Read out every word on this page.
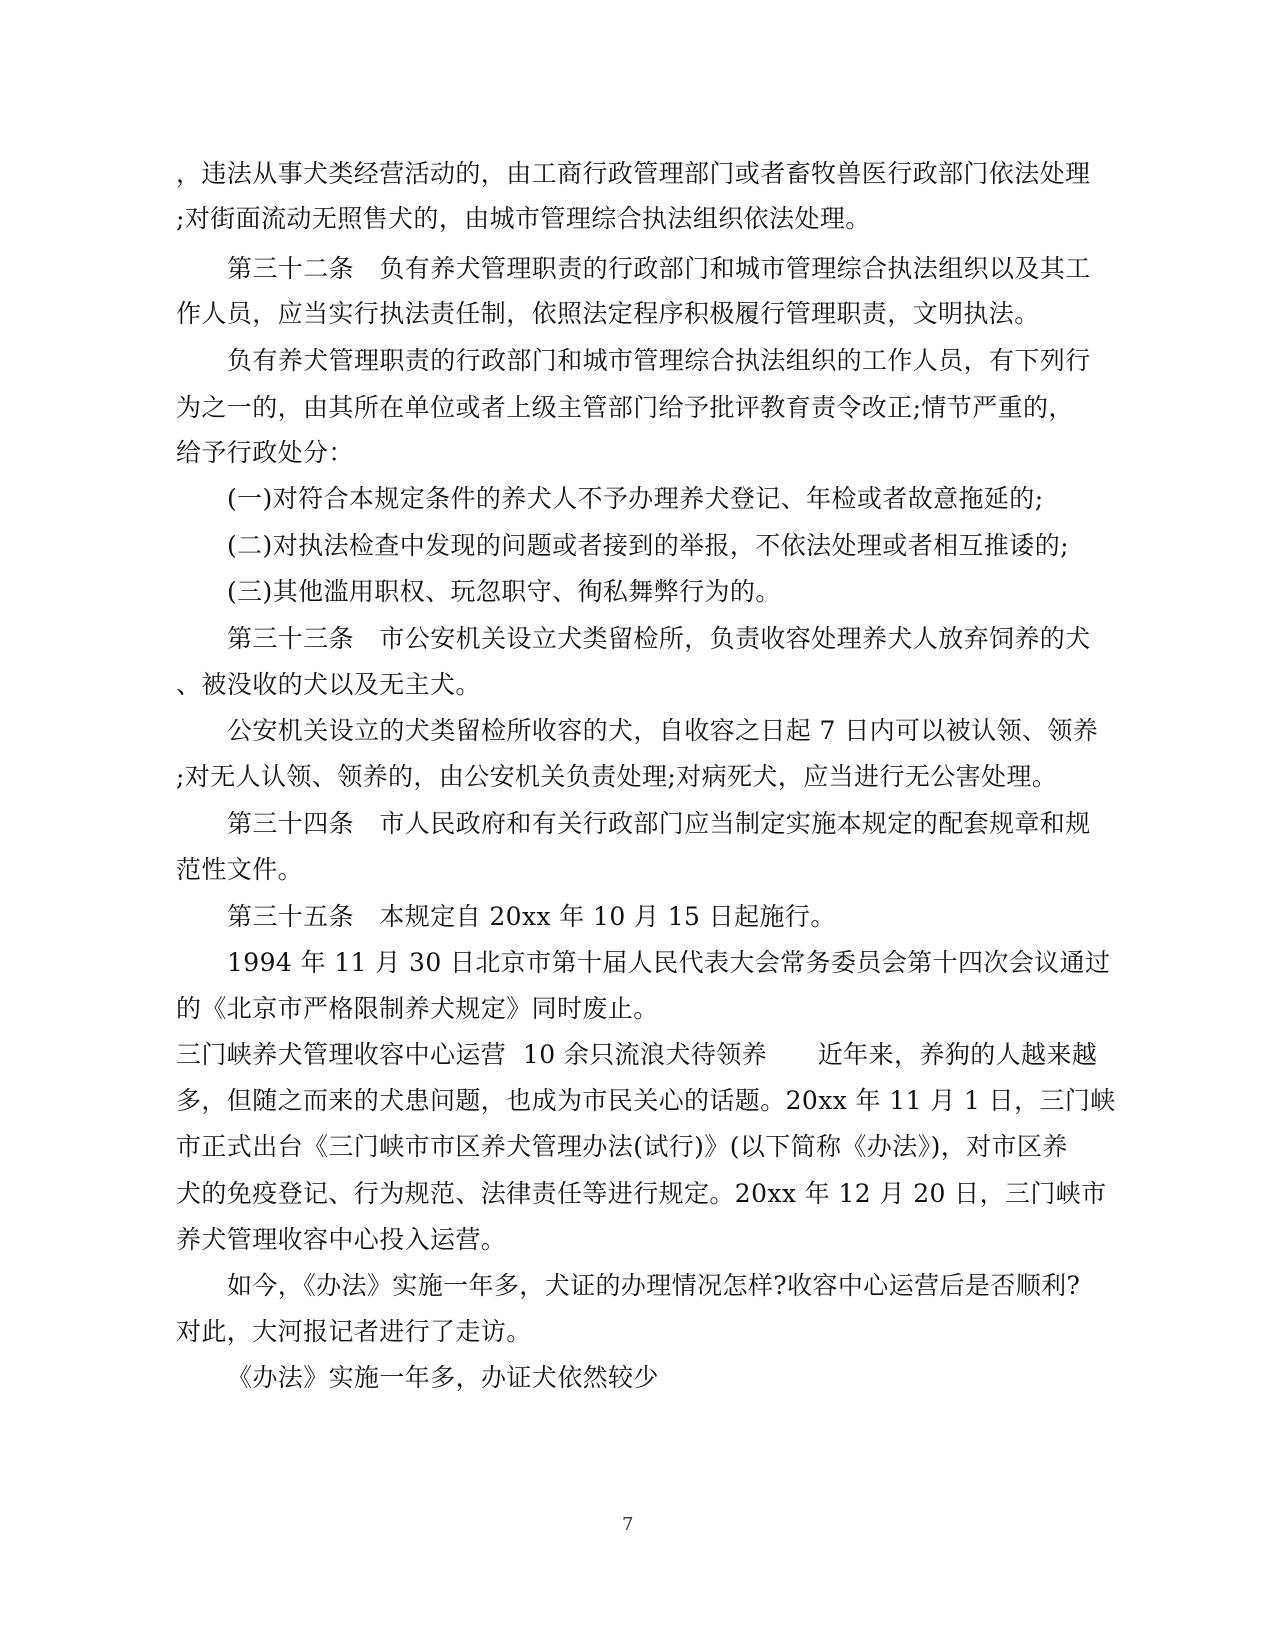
，违法从事犬类经营活动的，由工商行政管理部门或者畜牧兽医行政部门依法处理
;对街面流动无照售犬的，由城市管理综合执法组织依法处理。
第三十二条　负有养犬管理职责的行政部门和城市管理综合执法组织以及其工
作人员，应当实行执法责任制，依照法定程序积极履行管理职责，文明执法。
负有养犬管理职责的行政部门和城市管理综合执法组织的工作人员，有下列行
为之一的，由其所在单位或者上级主管部门给予批评教育责令改正;情节严重的，
给予行政处分：
(一)对符合本规定条件的养犬人不予办理养犬登记、年检或者故意拖延的;
(二)对执法检查中发现的问题或者接到的举报，不依法处理或者相互推诿的;
(三)其他滥用职权、玩忽职守、徇私舞弊行为的。
第三十三条　市公安机关设立犬类留检所，负责收容处理养犬人放弃饲养的犬
、被没收的犬以及无主犬。
公安机关设立的犬类留检所收容的犬，自收容之日起 7 日内可以被认领、领养
;对无人认领、领养的，由公安机关负责处理;对病死犬，应当进行无公害处理。
第三十四条　市人民政府和有关行政部门应当制定实施本规定的配套规章和规
范性文件。
第三十五条　本规定自 20xx 年 10 月 15 日起施行。
1994 年 11 月 30 日北京市第十届人民代表大会常务委员会第十四次会议通过
的《北京市严格限制养犬规定》同时废止。
三门峡养犬管理收容中心运营  10 余只流浪犬待领养　　近年来，养狗的人越来越
多，但随之而来的犬患问题，也成为市民关心的话题。20xx 年 11 月 1 日，三门峡
市正式出台《三门峡市市区养犬管理办法(试行)》(以下简称《办法》)，对市区养
犬的免疫登记、行为规范、法律责任等进行规定。20xx 年 12 月 20 日，三门峡市
养犬管理收容中心投入运营。
如今，《办法》实施一年多，犬证的办理情况怎样?收容中心运营后是否顺利?
对此，大河报记者进行了走访。
《办法》实施一年多，办证犬依然较少
7
